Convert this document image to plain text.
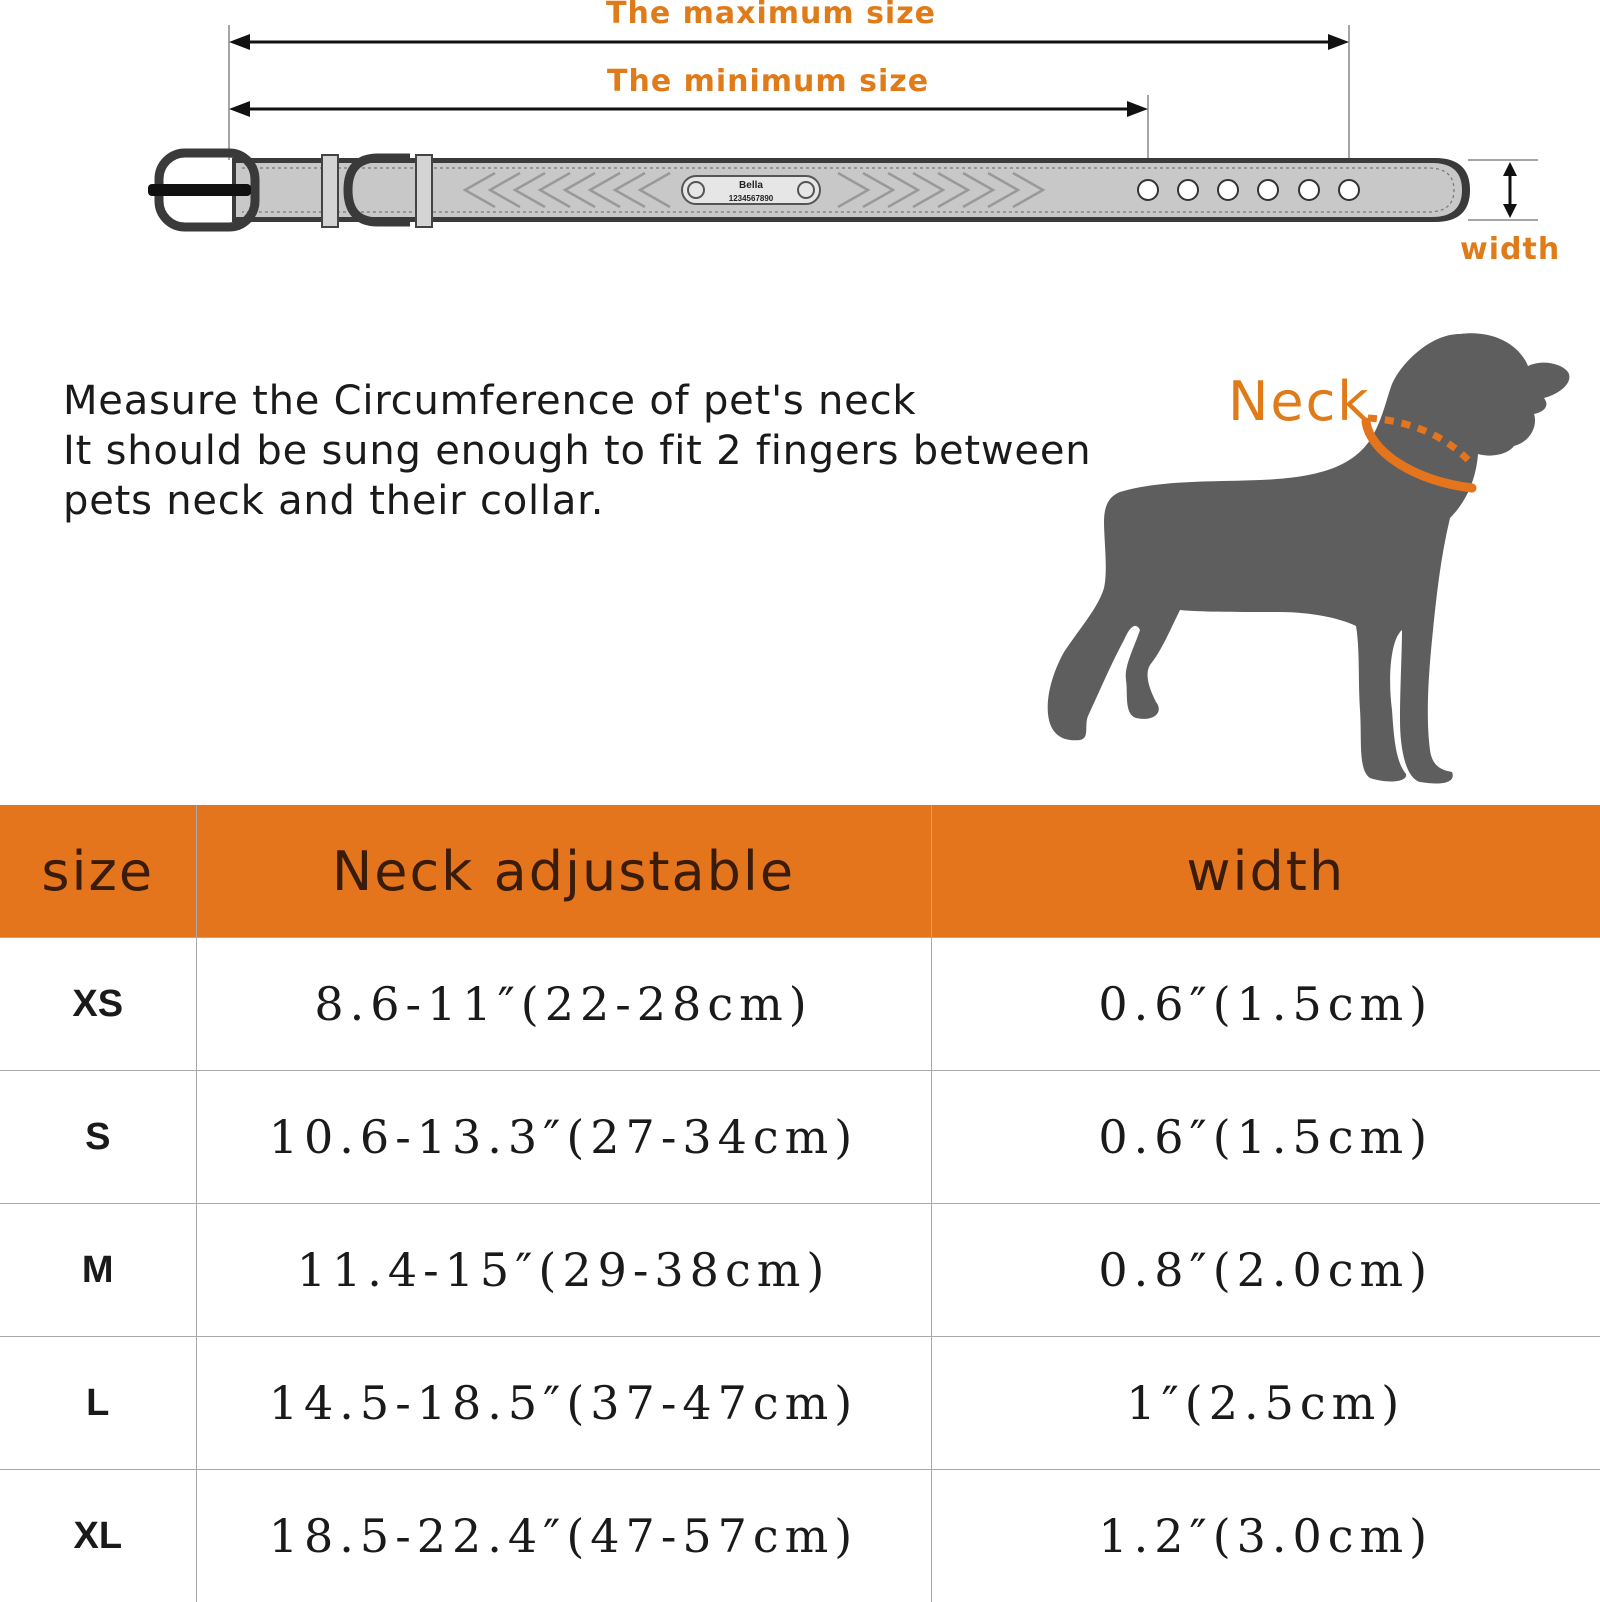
Bella
1234567890
The maximum size
The minimum size
width
Measure the Circumference of pet's neck
It should be sung enough to fit 2 fingers between
pets neck and their collar.
Neck
size	Neck adjustable	width
XS	8.6-11″(22-28cm)	0.6″(1.5cm)
S	10.6-13.3″(27-34cm)	0.6″(1.5cm)
M	11.4-15″(29-38cm)	0.8″(2.0cm)
L	14.5-18.5″(37-47cm)	1″(2.5cm)
XL	18.5-22.4″(47-57cm)	1.2″(3.0cm)
